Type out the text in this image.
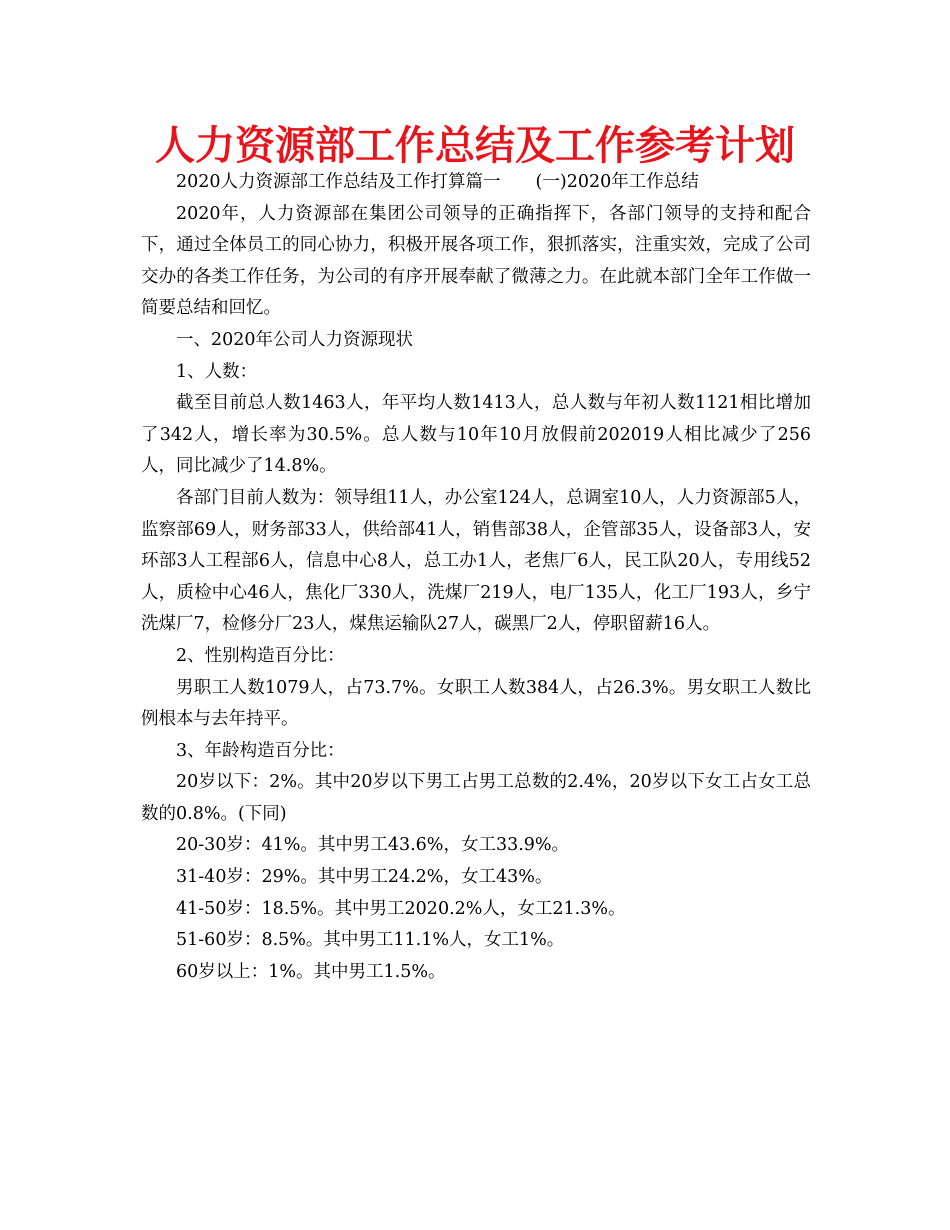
人力资源部工作总结及工作参考计划

2020人力资源部工作总结及工作打算篇一　　(一)2020年工作总结

2020年，人力资源部在集团公司领导的正确指挥下，各部门领导的支持和配合下，通过全体员工的同心协力，积极开展各项工作，狠抓落实，注重实效，完成了公司交办的各类工作任务，为公司的有序开展奉献了微薄之力。在此就本部门全年工作做一简要总结和回忆。

一、2020年公司人力资源现状

1、人数：

截至目前总人数1463人，年平均人数1413人，总人数与年初人数1121相比增加了342人，增长率为30.5%。总人数与10年10月放假前202019人相比减少了256人，同比减少了14.8%。

各部门目前人数为：领导组11人，办公室124人，总调室10人，人力资源部5人，监察部69人，财务部33人，供给部41人，销售部38人，企管部35人，设备部3人，安环部3人工程部6人，信息中心8人，总工办1人，老焦厂6人，民工队20人，专用线52人，质检中心46人，焦化厂330人，洗煤厂219人，电厂135人，化工厂193人，乡宁洗煤厂7，检修分厂23人，煤焦运输队27人，碳黑厂2人，停职留薪16人。

2、性别构造百分比：

男职工人数1079人，占73.7%。女职工人数384人，占26.3%。男女职工人数比例根本与去年持平。

3、年龄构造百分比：

20岁以下：2%。其中20岁以下男工占男工总数的2.4%，20岁以下女工占女工总数的0.8%。(下同)

20-30岁：41%。其中男工43.6%，女工33.9%。

31-40岁：29%。其中男工24.2%，女工43%。

41-50岁：18.5%。其中男工2020.2%人，女工21.3%。

51-60岁：8.5%。其中男工11.1%人，女工1%。

60岁以上：1%。其中男工1.5%。
